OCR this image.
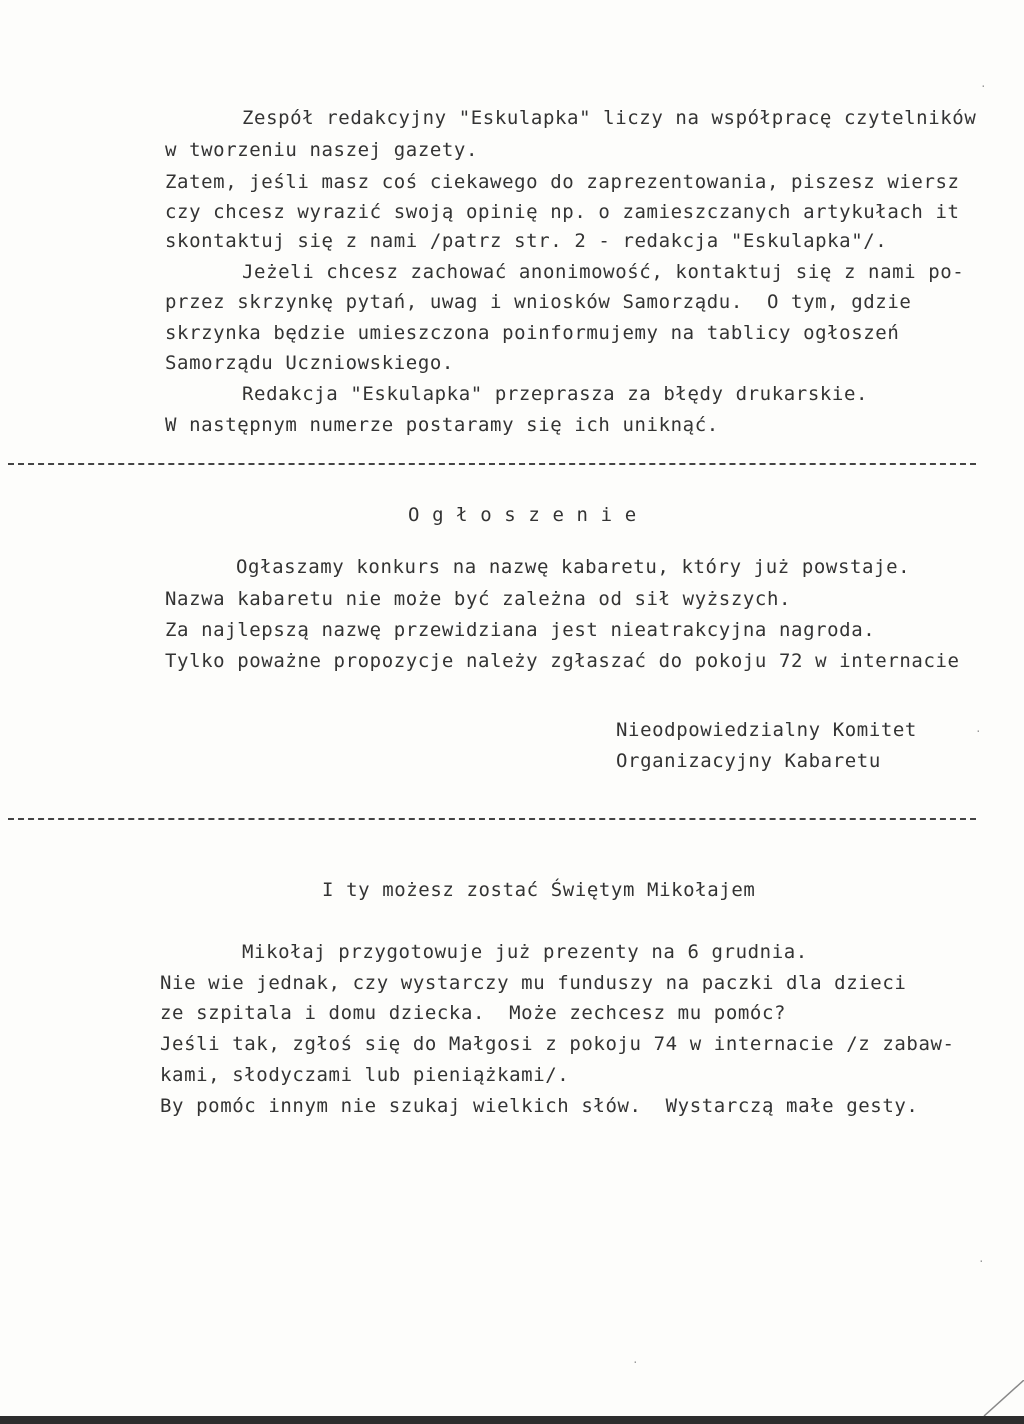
Zespół redakcyjny "Eskulapka" liczy na współpracę czytelników
w tworzeniu naszej gazety.
Zatem, jeśli masz coś ciekawego do zaprezentowania, piszesz wiersz
czy chcesz wyrazić swoją opinię np. o zamieszczanych artykułach it
skontaktuj się z nami /patrz str. 2 - redakcja "Eskulapka"/.
Jeżeli chcesz zachować anonimowość, kontaktuj się z nami po-
przez skrzynkę pytań, uwag i wniosków Samorządu.  O tym, gdzie
skrzynka będzie umieszczona poinformujemy na tablicy ogłoszeń
Samorządu Uczniowskiego.
Redakcja "Eskulapka" przeprasza za błędy drukarskie.
W następnym numerze postaramy się ich uniknąć.
O g ł o s z e n i e
Ogłaszamy konkurs na nazwę kabaretu, który już powstaje.
Nazwa kabaretu nie może być zależna od sił wyższych.
Za najlepszą nazwę przewidziana jest nieatrakcyjna nagroda.
Tylko poważne propozycje należy zgłaszać do pokoju 72 w internacie
Nieodpowiedzialny Komitet
Organizacyjny Kabaretu
I ty możesz zostać Świętym Mikołajem
Mikołaj przygotowuje już prezenty na 6 grudnia.
Nie wie jednak, czy wystarczy mu funduszy na paczki dla dzieci
ze szpitala i domu dziecka.  Może zechcesz mu pomóc?
Jeśli tak, zgłoś się do Małgosi z pokoju 74 w internacie /z zabaw-
kami, słodyczami lub pieniążkami/.
By pomóc innym nie szukaj wielkich słów.  Wystarczą małe gesty.
·
·
·
·
